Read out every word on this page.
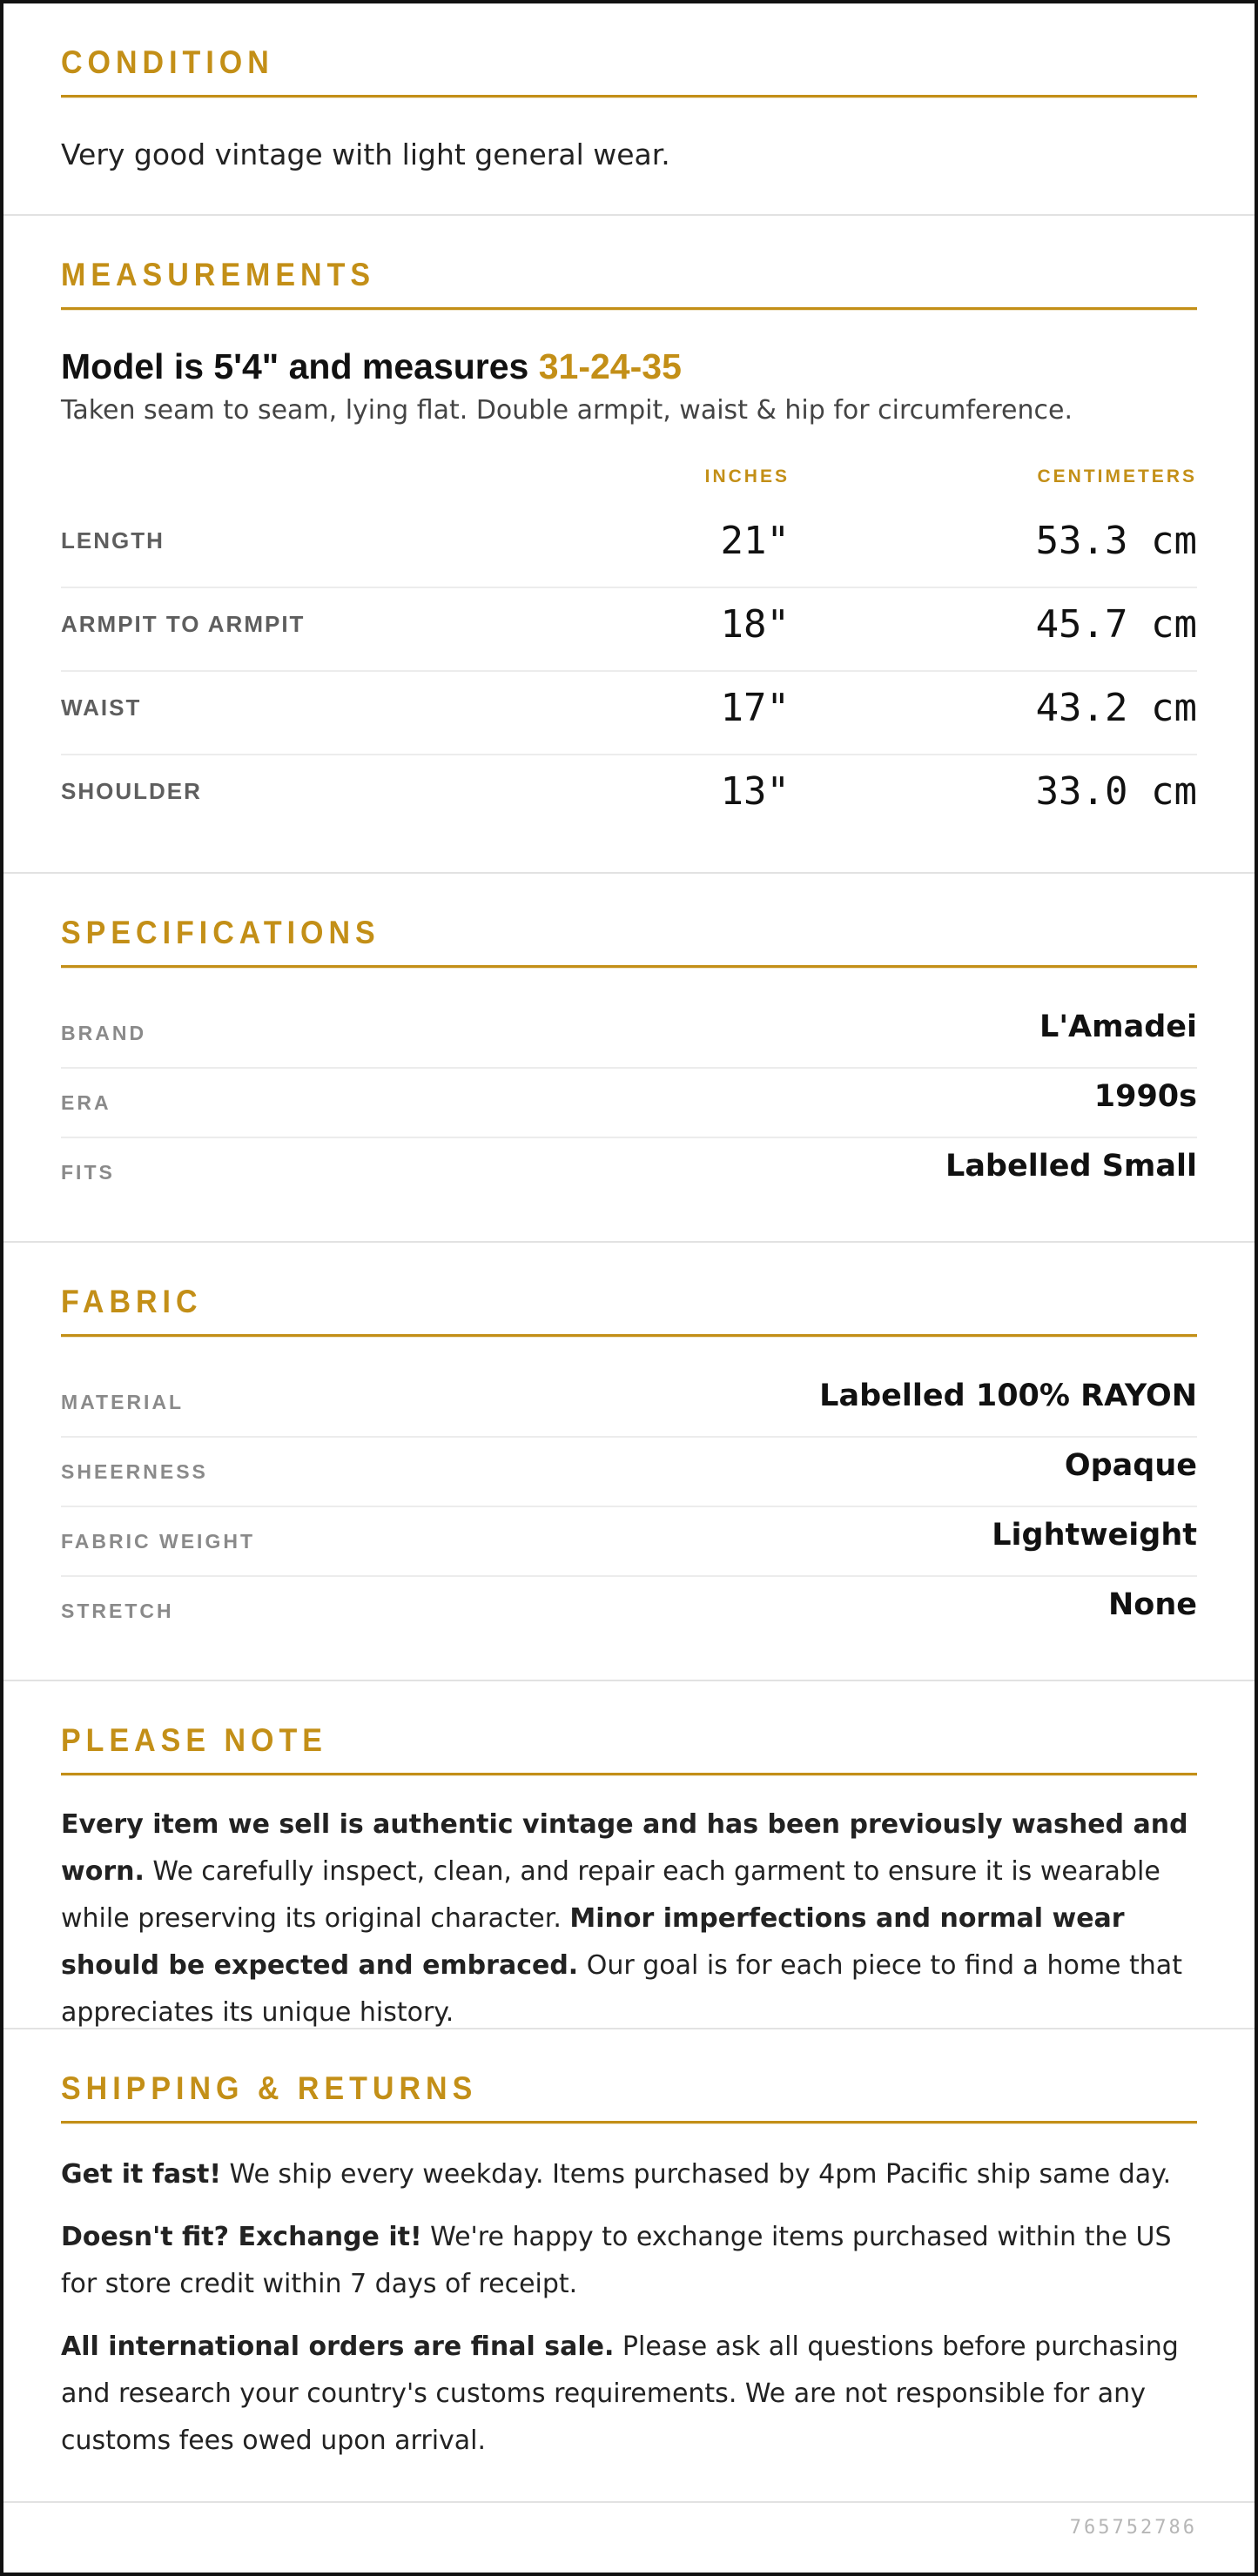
CONDITION
Very good vintage with light general wear.
MEASUREMENTS
Model is 5'4" and measures 31-24-35
Taken seam to seam, lying flat. Double armpit, waist & hip for circumference.
INCHES	CENTIMETERS
LENGTH	21"	53.3 cm
ARMPIT TO ARMPIT	18"	45.7 cm
WAIST	17"	43.2 cm
SHOULDER	13"	33.0 cm
SPECIFICATIONS
BRAND	L'Amadei
ERA	1990s
FITS	Labelled Small
FABRIC
MATERIAL	Labelled 100% RAYON
SHEERNESS	Opaque
FABRIC WEIGHT	Lightweight
STRETCH	None
PLEASE NOTE
Every item we sell is authentic vintage and has been previously washed and worn. We carefully inspect, clean, and repair each garment to ensure it is wearable while preserving its original character. Minor imperfections and normal wear should be expected and embraced. Our goal is for each piece to find a home that appreciates its unique history.
SHIPPING & RETURNS
Get it fast! We ship every weekday. Items purchased by 4pm Pacific ship same day.
Doesn't fit? Exchange it! We're happy to exchange items purchased within the US for store credit within 7 days of receipt.
All international orders are final sale. Please ask all questions before purchasing and research your country's customs requirements. We are not responsible for any customs fees owed upon arrival.
765752786
